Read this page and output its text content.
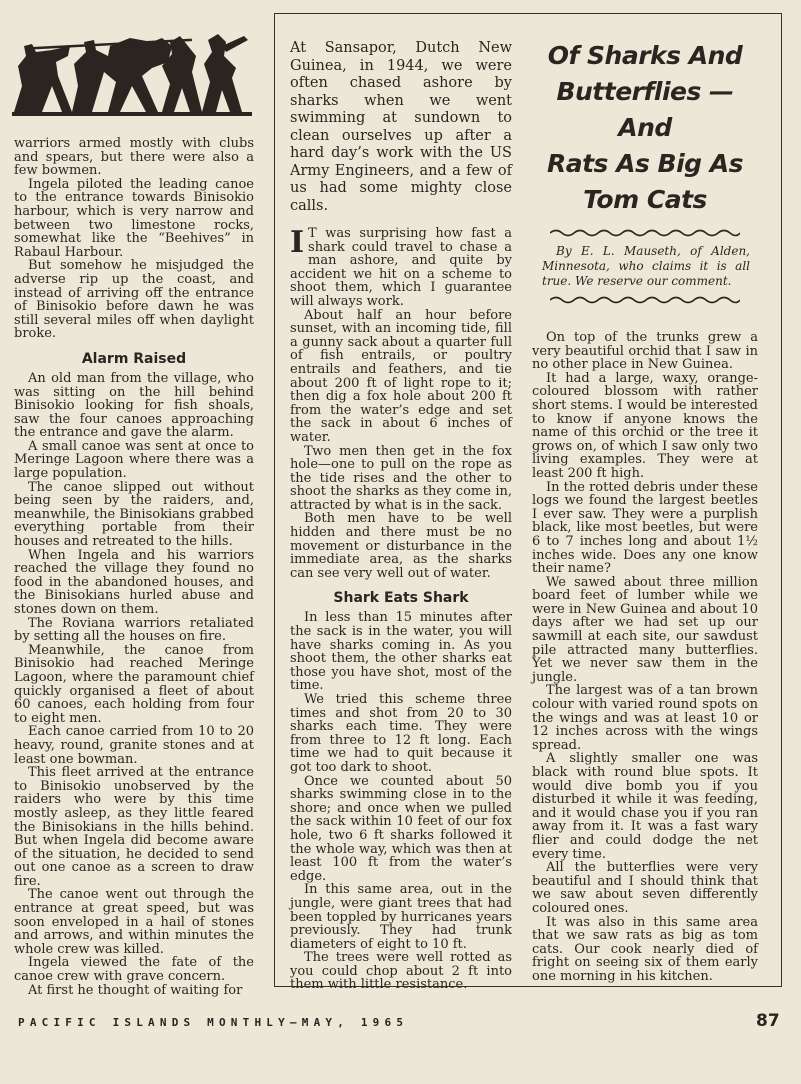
warriors armed mostly with clubs and spears, but there were also a few bowmen.

Ingela piloted the leading canoe to the entrance towards Binisokio harbour, which is very narrow and between two limestone rocks, somewhat like the “Beehives” in Rabaul Harbour.

But somehow he misjudged the adverse rip up the coast, and instead of arriving off the entrance of Binisokio before dawn he was still several miles off when daylight broke.

Alarm Raised

An old man from the village, who was sitting on the hill behind Binisokio looking for fish shoals, saw the four canoes approaching the entrance and gave the alarm.

A small canoe was sent at once to Meringe Lagoon where there was a large population.

The canoe slipped out without being seen by the raiders, and, meanwhile, the Binisokians grabbed everything portable from their houses and retreated to the hills.

When Ingela and his warriors reached the village they found no food in the abandoned houses, and the Binisokians hurled abuse and stones down on them.

The Roviana warriors retaliated by setting all the houses on fire.

Meanwhile, the canoe from Binisokio had reached Meringe Lagoon, where the paramount chief quickly organised a fleet of about 60 canoes, each holding from four to eight men.

Each canoe carried from 10 to 20 heavy, round, granite stones and at least one bowman.

This fleet arrived at the entrance to Binisokio unobserved by the raiders who were by this time mostly asleep, as they little feared the Binisokians in the hills behind. But when Ingela did become aware of the situation, he decided to send out one canoe as a screen to draw fire.

The canoe went out through the entrance at great speed, but was soon enveloped in a hail of stones and arrows, and within minutes the whole crew was killed.

Ingela viewed the fate of the canoe crew with grave concern.

At first he thought of waiting for

At Sansapor, Dutch New Guinea, in 1944, we were often chased ashore by sharks when we went swimming at sundown to clean ourselves up after a hard day’s work with the US Army Engineers, and a few of us had some mighty close calls.

I T was surprising how fast a shark could travel to chase a man ashore, and quite by accident we hit on a scheme to shoot them, which I guarantee will always work.

About half an hour before sunset, with an incoming tide, fill a gunny sack about a quarter full of fish entrails, or poultry entrails and feathers, and tie about 200 ft of light rope to it; then dig a fox hole about 200 ft from the water’s edge and set the sack in about 6 inches of water.

Two men then get in the fox hole—one to pull on the rope as the tide rises and the other to shoot the sharks as they come in, attracted by what is in the sack.

Both men have to be well hidden and there must be no movement or disturbance in the immediate area, as the sharks can see very well out of water.

Shark Eats Shark

In less than 15 minutes after the sack is in the water, you will have sharks coming in. As you shoot them, the other sharks eat those you have shot, most of the time.

We tried this scheme three times and shot from 20 to 30 sharks each time. They were from three to 12 ft long. Each time we had to quit because it got too dark to shoot.

Once we counted about 50 sharks swimming close in to the shore; and once when we pulled the sack within 10 feet of our fox hole, two 6 ft sharks followed it the whole way, which was then at least 100 ft from the water’s edge.

In this same area, out in the jungle, were giant trees that had been toppled by hurricanes years previously. They had trunk diameters of eight to 10 ft.

The trees were well rotted as you could chop about 2 ft into them with little resistance.

Of Sharks And
Butterflies — And
Rats As Big As
Tom Cats

By E. L. Mauseth, of Alden, Minnesota, who claims it is all true. We reserve our comment.

On top of the trunks grew a very beautiful orchid that I saw in no other place in New Guinea.

It had a large, waxy, orange-coloured blossom with rather short stems. I would be interested to know if anyone knows the name of this orchid or the tree it grows on, of which I saw only two living examples. They were at least 200 ft high.

In the rotted debris under these logs we found the largest beetles I ever saw. They were a purplish black, like most beetles, but were 6 to 7 inches long and about 1½ inches wide. Does any one know their name?

We sawed about three million board feet of lumber while we were in New Guinea and about 10 days after we had set up our sawmill at each site, our sawdust pile attracted many butterflies. Yet we never saw them in the jungle.

The largest was of a tan brown colour with varied round spots on the wings and was at least 10 or 12 inches across with the wings spread.

A slightly smaller one was black with round blue spots. It would dive bomb you if you disturbed it while it was feeding, and it would chase you if you ran away from it. It was a fast wary flier and could dodge the net every time.

All the butterflies were very beautiful and I should think that we saw about seven differently coloured ones.

It was also in this same area that we saw rats as big as tom cats. Our cook nearly died of fright on seeing six of them early one morning in his kitchen.

PACIFIC ISLANDS MONTHLY—MAY, 1965	87
